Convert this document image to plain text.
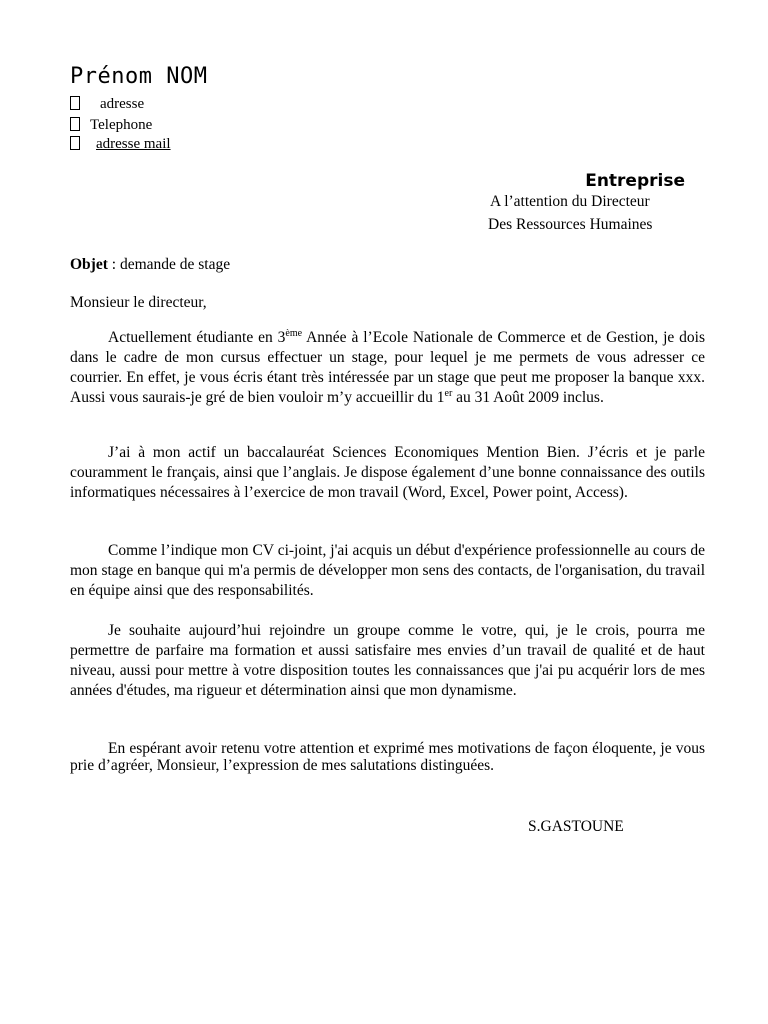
Prénom NOM
adresse
Telephone
adresse mail
Entreprise
A l’attention du Directeur
Des Ressources Humaines
Objet : demande de stage
Monsieur le directeur,
Actuellement étudiante en 3ème Année à l’Ecole Nationale de Commerce et de Gestion, je dois dans le cadre de mon cursus effectuer un stage, pour lequel je me permets de vous adresser ce courrier. En effet, je vous écris étant très intéressée par un stage que peut me proposer la banque xxx. Aussi vous saurais-je gré de bien vouloir m’y accueillir du 1er au 31 Août 2009 inclus.
J’ai à mon actif un baccalauréat Sciences Economiques Mention Bien. J’écris et je parle couramment le français, ainsi que l’anglais. Je dispose également d’une bonne connaissance des outils informatiques nécessaires à l’exercice de mon travail (Word, Excel, Power point, Access).
Comme l’indique mon CV ci-joint, j'ai acquis un début d'expérience professionnelle au cours de mon stage en banque qui m'a permis de développer mon sens des contacts, de l'organisation, du travail en équipe ainsi que des responsabilités.
Je souhaite aujourd’hui rejoindre un groupe comme le votre, qui, je le crois, pourra me permettre de parfaire ma formation et aussi satisfaire mes envies d’un travail de qualité et de haut niveau, aussi pour mettre à votre disposition toutes les connaissances que j'ai pu acquérir lors de mes années d'études, ma rigueur et détermination ainsi que mon dynamisme.
En espérant avoir retenu votre attention et exprimé mes motivations de façon éloquente, je vous prie d’agréer, Monsieur, l’expression de mes salutations distinguées.
S.GASTOUNE
